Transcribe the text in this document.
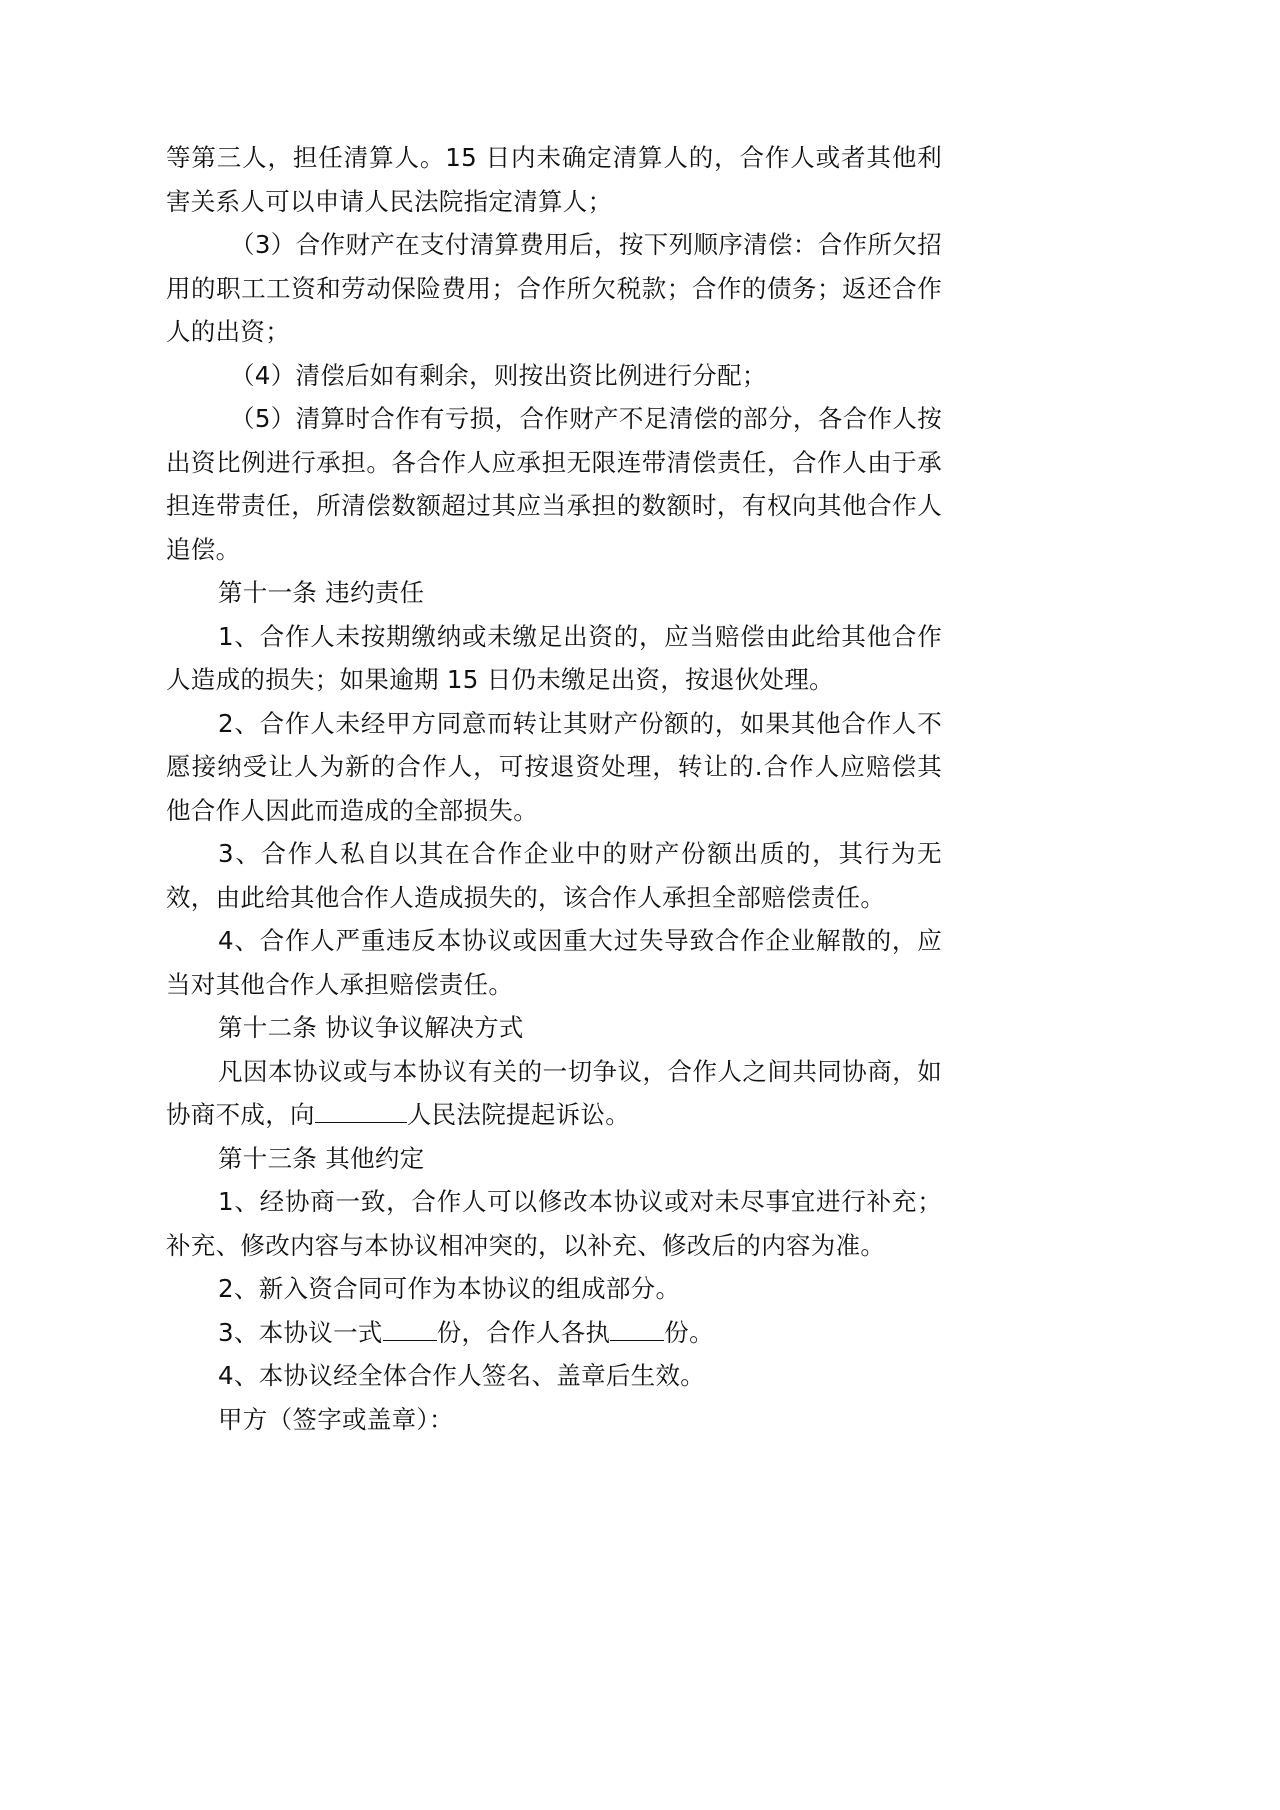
等第三人，担任清算人。15 日内未确定清算人的，合作人或者其他利害关系人可以申请人民法院指定清算人；

（3）合作财产在支付清算费用后，按下列顺序清偿：合作所欠招用的职工工资和劳动保险费用；合作所欠税款；合作的债务；返还合作人的出资；

（4）清偿后如有剩余，则按出资比例进行分配；

（5）清算时合作有亏损，合作财产不足清偿的部分，各合作人按出资比例进行承担。各合作人应承担无限连带清偿责任，合作人由于承担连带责任，所清偿数额超过其应当承担的数额时，有权向其他合作人追偿。

第十一条 违约责任

1、合作人未按期缴纳或未缴足出资的，应当赔偿由此给其他合作人造成的损失；如果逾期 15 日仍未缴足出资，按退伙处理。

2、合作人未经甲方同意而转让其财产份额的，如果其他合作人不愿接纳受让人为新的合作人，可按退资处理，转让的.合作人应赔偿其他合作人因此而造成的全部损失。

3、合作人私自以其在合作企业中的财产份额出质的，其行为无效，由此给其他合作人造成损失的，该合作人承担全部赔偿责任。

4、合作人严重违反本协议或因重大过失导致合作企业解散的，应当对其他合作人承担赔偿责任。

第十二条 协议争议解决方式

凡因本协议或与本协议有关的一切争议，合作人之间共同协商，如协商不成，向	人民法院提起诉讼。

第十三条 其他约定

1、经协商一致，合作人可以修改本协议或对未尽事宜进行补充；补充、修改内容与本协议相冲突的，以补充、修改后的内容为准。

2、新入资合同可作为本协议的组成部分。

3、本协议一式 份，合作人各执 份。

4、本协议经全体合作人签名、盖章后生效。

甲方（签字或盖章）：
